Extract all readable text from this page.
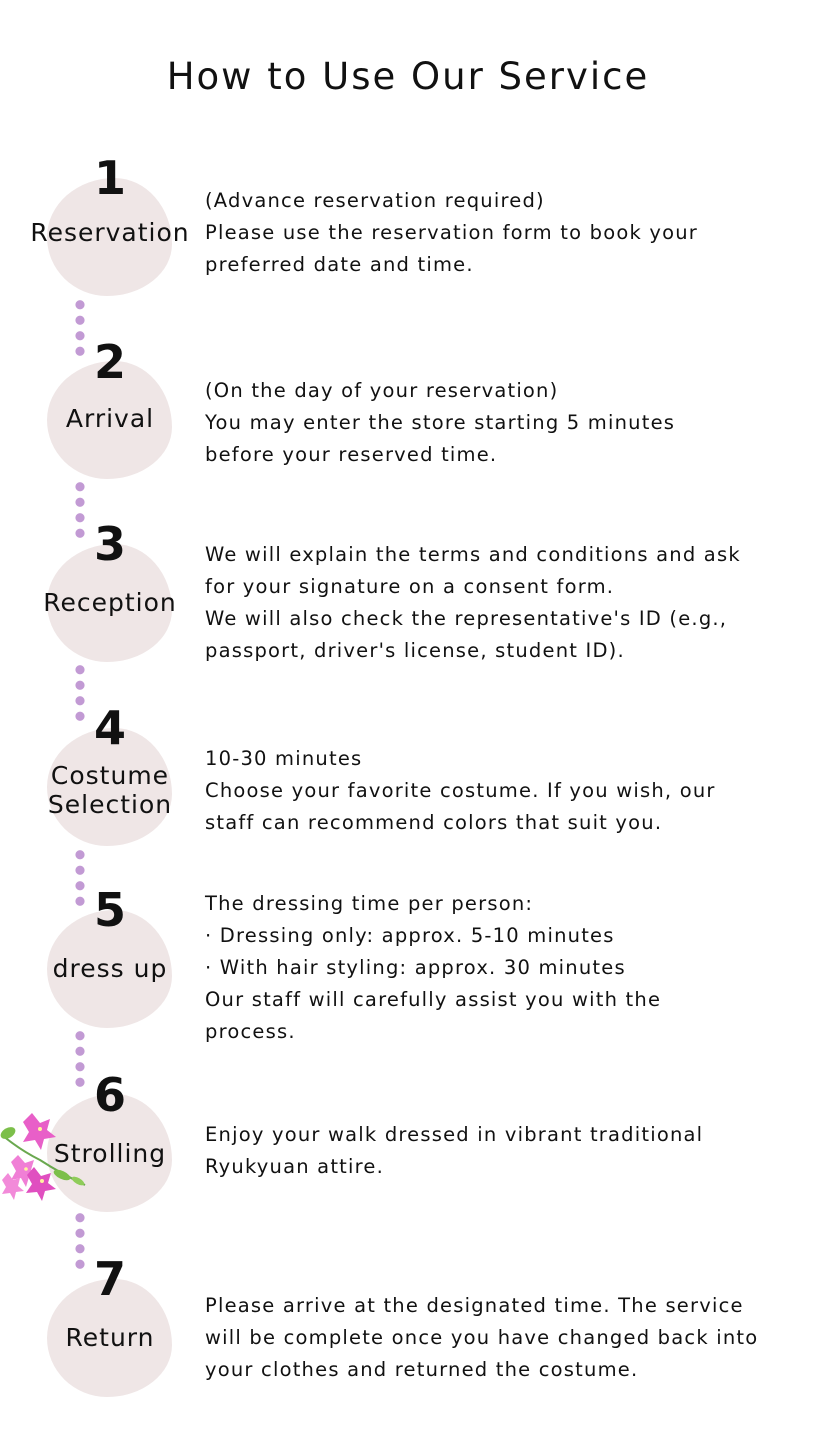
How to Use Our Service
1
Reservation
(Advance reservation required)
Please use the reservation form to book your
preferred date and time.
2
Arrival
(On the day of your reservation)
You may enter the store starting 5 minutes
before your reserved time.
3
Reception
We will explain the terms and conditions and ask
for your signature on a consent form.
We will also check the representative's ID (e.g.,
passport, driver's license, student ID).
4
Costume
Selection
10-30 minutes
Choose your favorite costume. If you wish, our
staff can recommend colors that suit you.
5
dress up
The dressing time per person:
· Dressing only: approx. 5-10 minutes
· With hair styling: approx. 30 minutes
Our staff will carefully assist you with the
process.
6
Strolling
Enjoy your walk dressed in vibrant traditional
Ryukyuan attire.
7
Return
Please arrive at the designated time. The service
will be complete once you have changed back into
your clothes and returned the costume.
